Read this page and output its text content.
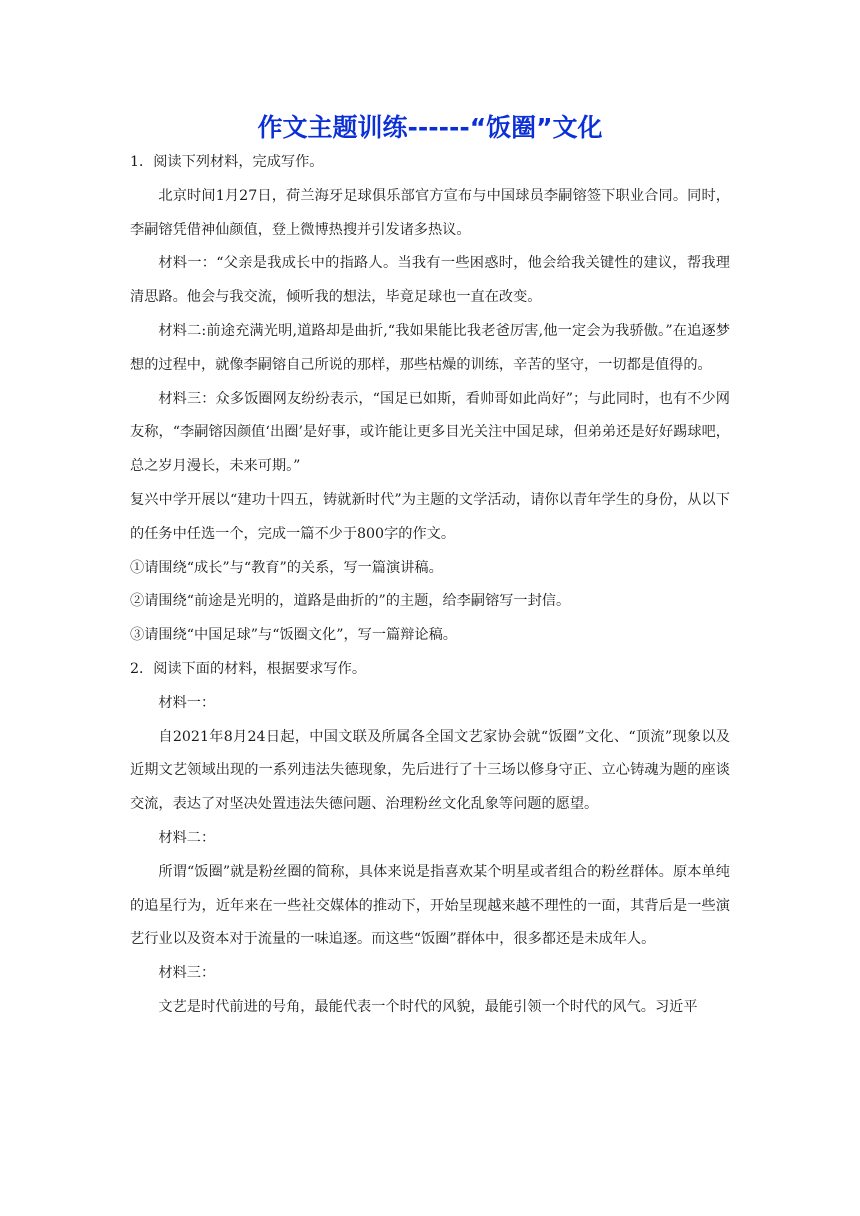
作文主题训练------“饭圈”文化

1．阅读下列材料，完成写作。

北京时间1月27日，荷兰海牙足球俱乐部官方宣布与中国球员李嗣镕签下职业合同。同时，李嗣镕凭借神仙颜值，登上微博热搜并引发诸多热议。

材料一：“父亲是我成长中的指路人。当我有一些困惑时，他会给我关键性的建议，帮我理清思路。他会与我交流，倾听我的想法，毕竟足球也一直在改变。

材料二:前途充满光明,道路却是曲折,“我如果能比我老爸厉害,他一定会为我骄傲。”在追逐梦想的过程中，就像李嗣镕自己所说的那样，那些枯燥的训练，辛苦的坚守，一切都是值得的。

材料三：众多饭圈网友纷纷表示，“国足已如斯，看帅哥如此尚好”；与此同时，也有不少网友称，“李嗣镕因颜值‘出圈’是好事，或许能让更多目光关注中国足球，但弟弟还是好好踢球吧，总之岁月漫长，未来可期。”

复兴中学开展以“建功十四五，铸就新时代”为主题的文学活动，请你以青年学生的身份，从以下的任务中任选一个，完成一篇不少于800字的作文。

①请围绕“成长”与“教育”的关系，写一篇演讲稿。

②请围绕“前途是光明的，道路是曲折的”的主题，给李嗣镕写一封信。

③请围绕“中国足球”与“饭圈文化”，写一篇辩论稿。

2．阅读下面的材料，根据要求写作。

材料一：

自2021年8月24日起，中国文联及所属各全国文艺家协会就“饭圈”文化、“顶流”现象以及近期文艺领域出现的一系列违法失德现象，先后进行了十三场以修身守正、立心铸魂为题的座谈交流，表达了对坚决处置违法失德问题、治理粉丝文化乱象等问题的愿望。

材料二：

所谓“饭圈”就是粉丝圈的简称，具体来说是指喜欢某个明星或者组合的粉丝群体。原本单纯的追星行为，近年来在一些社交媒体的推动下，开始呈现越来越不理性的一面，其背后是一些演艺行业以及资本对于流量的一味追逐。而这些“饭圈”群体中，很多都还是未成年人。

材料三：

文艺是时代前进的号角，最能代表一个时代的风貌，最能引领一个时代的风气。习近平
